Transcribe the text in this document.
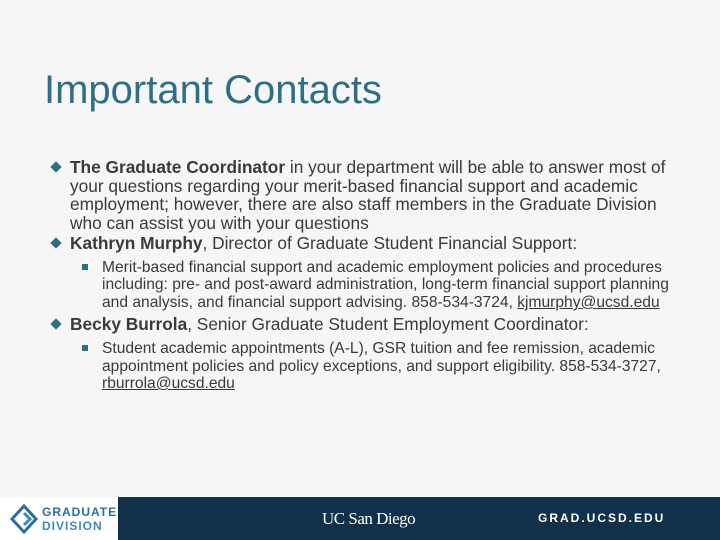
Important Contacts
The Graduate Coordinator in your department will be able to answer most of your questions regarding your merit-based financial support and academic employment; however, there are also staff members in the Graduate Division who can assist you with your questions
Kathryn Murphy, Director of Graduate Student Financial Support:
Merit-based financial support and academic employment policies and procedures including: pre- and post-award administration, long-term financial support planning and analysis, and financial support advising. 858-534-3724, kjmurphy@ucsd.edu
Becky Burrola, Senior Graduate Student Employment Coordinator:
Student academic appointments (A-L), GSR tuition and fee remission, academic appointment policies and policy exceptions, and support eligibility. 858-534-3727, rburrola@ucsd.edu
GRADUATE
DIVISION	UC San Diego	GRAD.UCSD.EDU
